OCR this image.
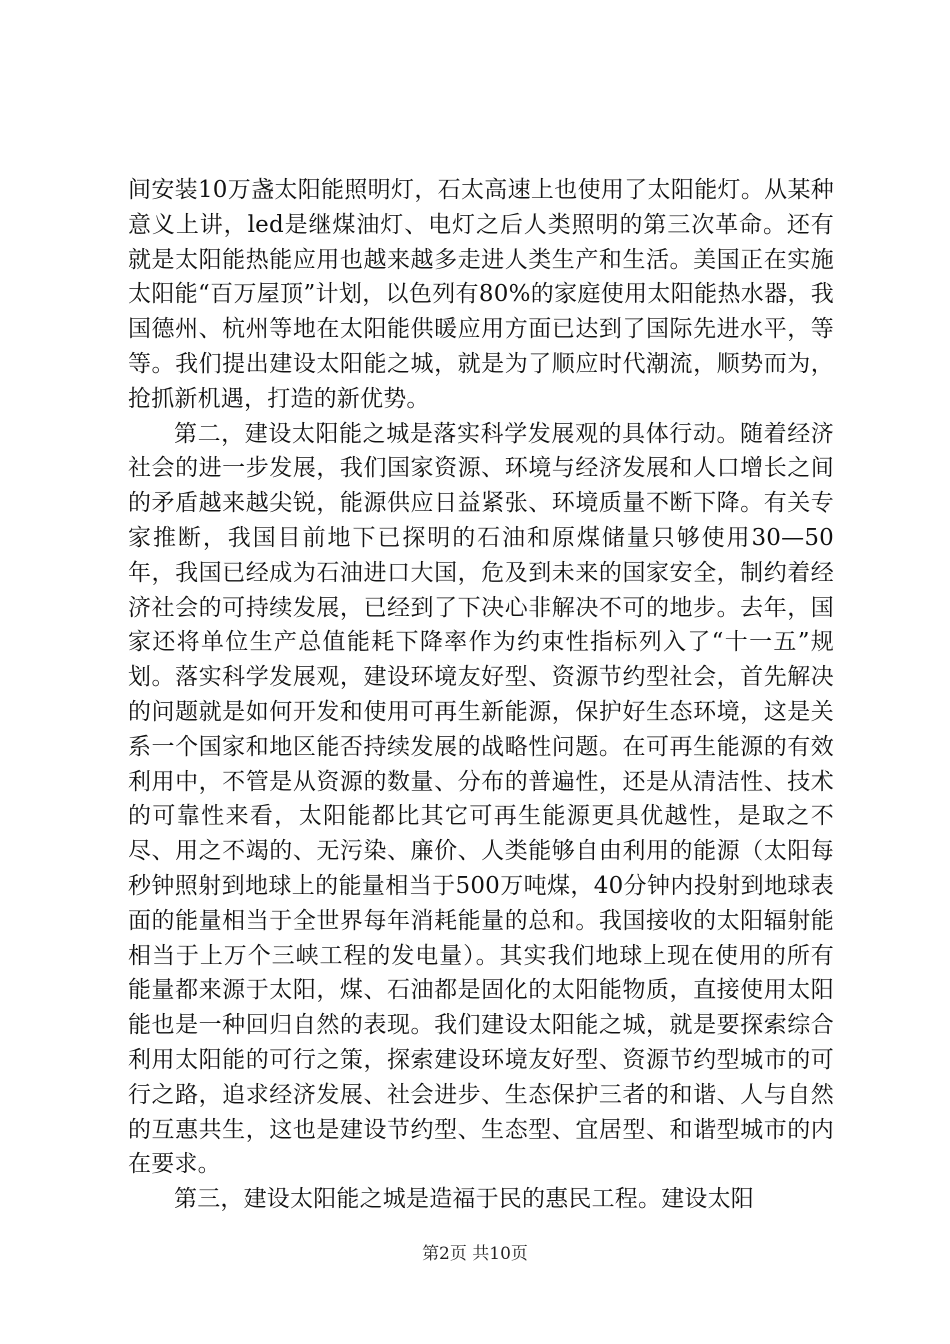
间安装10万盏太阳能照明灯，石太高速上也使用了太阳能灯。从某种意义上讲，led是继煤油灯、电灯之后人类照明的第三次革命。还有就是太阳能热能应用也越来越多走进人类生产和生活。美国正在实施太阳能“百万屋顶”计划，以色列有80%的家庭使用太阳能热水器，我国德州、杭州等地在太阳能供暖应用方面已达到了国际先进水平，等等。我们提出建设太阳能之城，就是为了顺应时代潮流，顺势而为，抢抓新机遇，打造的新优势。

第二，建设太阳能之城是落实科学发展观的具体行动。随着经济社会的进一步发展，我们国家资源、环境与经济发展和人口增长之间的矛盾越来越尖锐，能源供应日益紧张、环境质量不断下降。有关专家推断，我国目前地下已探明的石油和原煤储量只够使用30—50年，我国已经成为石油进口大国，危及到未来的国家安全，制约着经济社会的可持续发展，已经到了下决心非解决不可的地步。去年，国家还将单位生产总值能耗下降率作为约束性指标列入了“十一五”规划。落实科学发展观，建设环境友好型、资源节约型社会，首先解决的问题就是如何开发和使用可再生新能源，保护好生态环境，这是关系一个国家和地区能否持续发展的战略性问题。在可再生能源的有效利用中，不管是从资源的数量、分布的普遍性，还是从清洁性、技术的可靠性来看，太阳能都比其它可再生能源更具优越性，是取之不尽、用之不竭的、无污染、廉价、人类能够自由利用的能源（太阳每秒钟照射到地球上的能量相当于500万吨煤，40分钟内投射到地球表面的能量相当于全世界每年消耗能量的总和。我国接收的太阳辐射能相当于上万个三峡工程的发电量）。其实我们地球上现在使用的所有能量都来源于太阳，煤、石油都是固化的太阳能物质，直接使用太阳能也是一种回归自然的表现。我们建设太阳能之城，就是要探索综合利用太阳能的可行之策，探索建设环境友好型、资源节约型城市的可行之路，追求经济发展、社会进步、生态保护三者的和谐、人与自然的互惠共生，这也是建设节约型、生态型、宜居型、和谐型城市的内在要求。

第三，建设太阳能之城是造福于民的惠民工程。建设太阳

第2页 共10页
